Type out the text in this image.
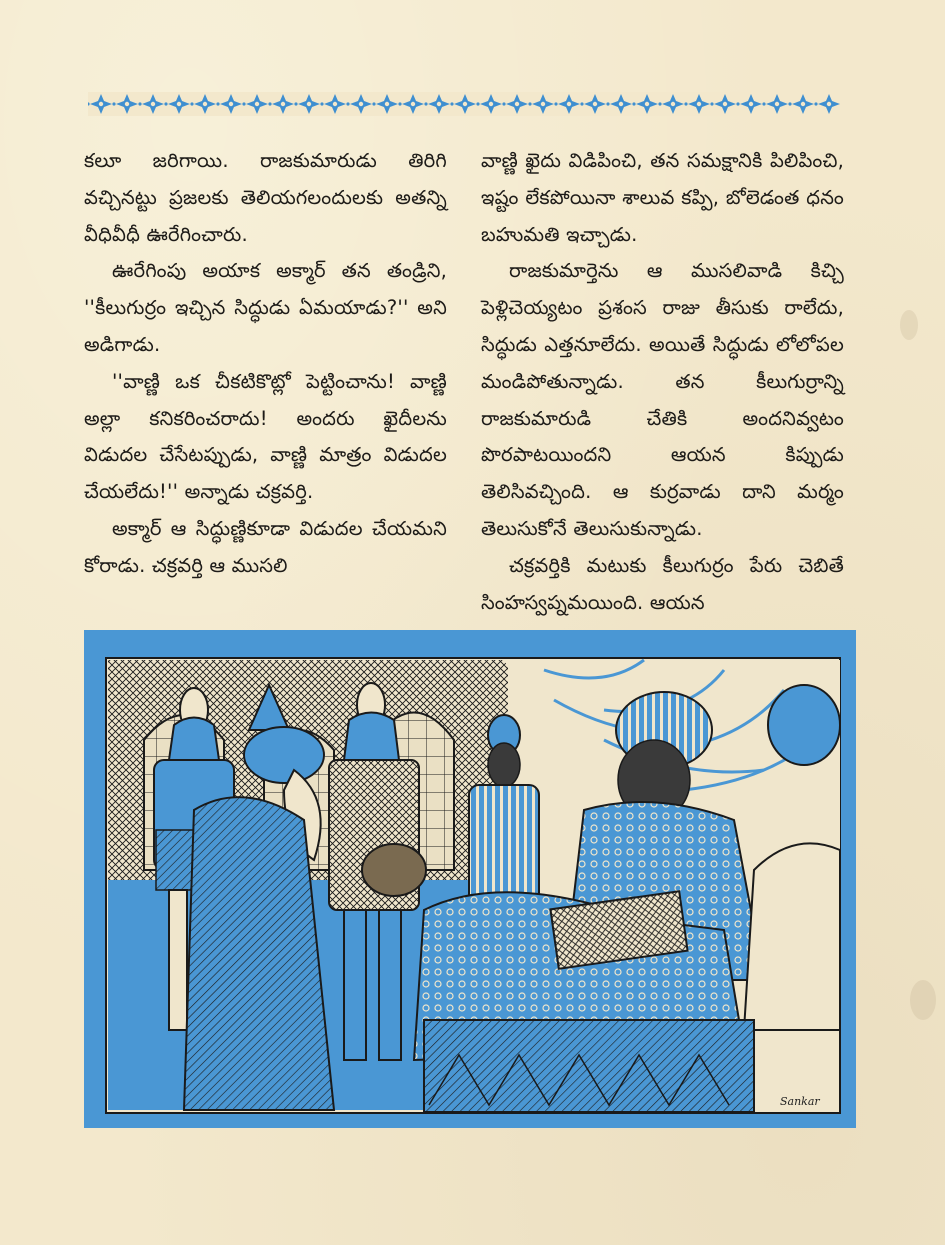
కలూ జరిగాయి. రాజకుమారుడు తిరిగి వచ్చినట్టు ప్రజలకు తెలియగలందులకు అతన్ని వీధివీధీ ఊరేగించారు.

ఊరేగింపు అయాక అక్మార్ తన తండ్రిని, ''కీలుగుర్రం ఇచ్చిన సిద్ధుడు ఏమయాడు?'' అని అడిగాడు.

''వాణ్ణి ఒక చీకటికొట్లో పెట్టించాను! వాణ్ణి అల్లా కనికరించరాదు! అందరు ఖైదీలను విడుదల చేసేటప్పుడు, వాణ్ణి మాత్రం విడుదల చేయలేదు!'' అన్నాడు చక్రవర్తి.

అక్మార్ ఆ సిద్ధుణ్ణికూడా విడుదల చేయమని కోరాడు. చక్రవర్తి ఆ ముసలి

వాణ్ణి ఖైదు విడిపించి, తన సమక్షానికి పిలిపించి, ఇష్టం లేకపోయినా శాలువ కప్పి, బోలెడంత ధనం బహుమతి ఇచ్చాడు.

రాజకుమార్తెను ఆ ముసలివాడి కిచ్చి పెళ్లిచెయ్యటం ప్రశంస రాజు తీసుకు రాలేదు, సిద్ధుడు ఎత్తనూలేదు. అయితే సిద్ధుడు లోలోపల మండిపోతున్నాడు. తన కీలుగుర్రాన్ని రాజకుమారుడి చేతికి అందనివ్వటం పొరపాటయిందని ఆయన కిప్పుడు తెలిసివచ్చింది. ఆ కుర్రవాడు దాని మర్మం తెలుసుకోనే తెలుసుకున్నాడు.

చక్రవర్తికి మటుకు కీలుగుర్రం పేరు చెబితే సింహస్వప్నమయింది. ఆయన

Sankar
